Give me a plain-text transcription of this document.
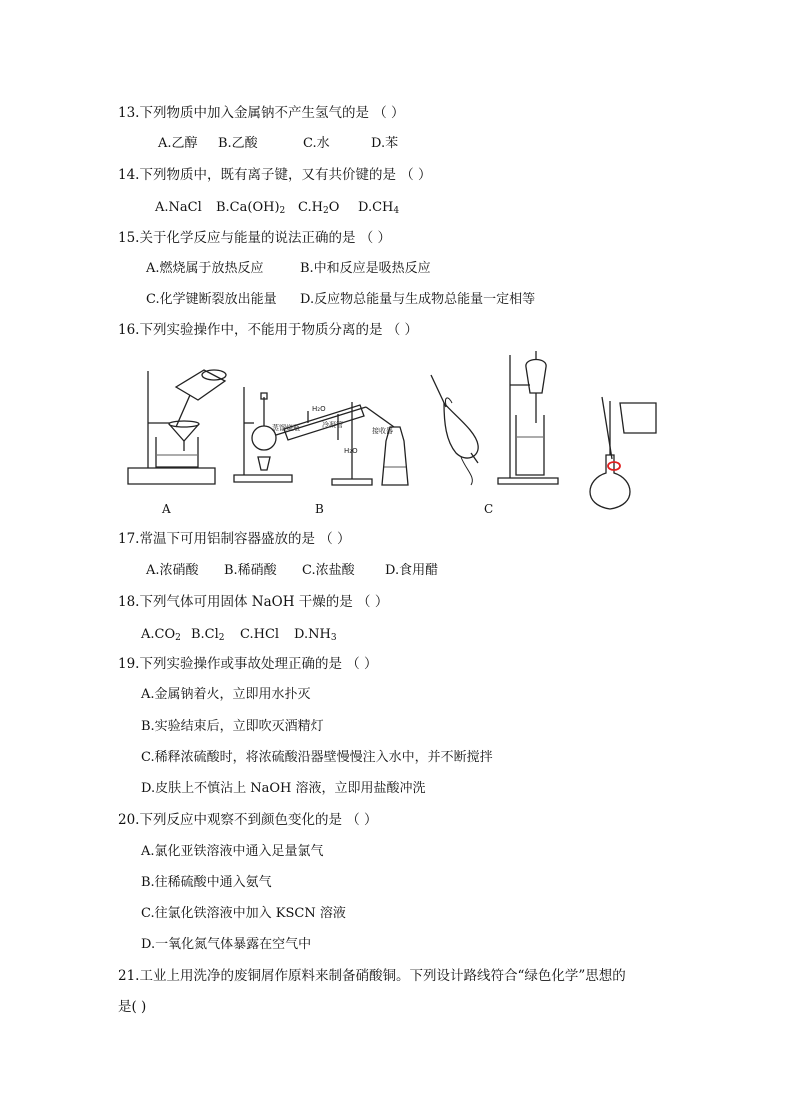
13.下列物质中加入金属钠不产生氢气的是 （ ）
A.乙醇 B.乙酸	C.水	D.苯
14.下列物质中，既有离子键，又有共价键的是 （ ）
A.NaCl $B.Ca(OH)_2$ $C.H_2O$ $D.CH_4$
15.关于化学反应与能量的说法正确的是 （ ）
A.燃烧属于放热反应	B.中和反应是吸热反应
C.化学键断裂放出能量 D.反应物总能量与生成物总能量一定相等
16.下列实验操作中，不能用于物质分离的是 （ ）
H₂O
冷凝管
蒸馏烧瓶
H₂O
接收器
A	B	C
17.常温下可用铝制容器盛放的是 （ ）
A.浓硝酸 B.稀硝酸 C.浓盐酸 D.食用醋
18.下列气体可用固体 NaOH 干燥的是 （ ）
$A.CO_2$ $B.Cl_2$ C.HCl $D.NH_3$
19.下列实验操作或事故处理正确的是 （ ）
A.金属钠着火，立即用水扑灭
B.实验结束后，立即吹灭酒精灯
C.稀释浓硫酸时，将浓硫酸沿器壁慢慢注入水中，并不断搅拌
D.皮肤上不慎沾上 NaOH 溶液，立即用盐酸冲洗
20.下列反应中观察不到颜色变化的是 （ ）
A.氯化亚铁溶液中通入足量氯气
B.往稀硫酸中通入氨气
C.往氯化铁溶液中加入 KSCN 溶液
D.一氧化氮气体暴露在空气中
21.工业上用洗净的废铜屑作原料来制备硝酸铜。下列设计路线符合“绿色化学”思想的
是( )
